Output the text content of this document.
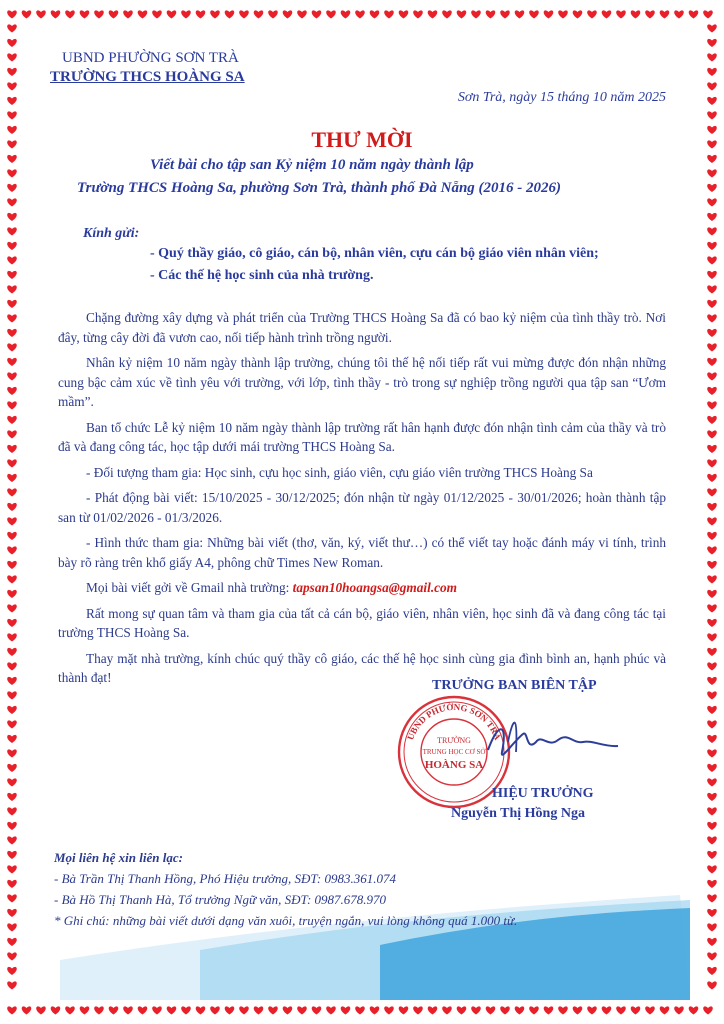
UBND PHƯỜNG SƠN TRÀ
TRƯỜNG THCS HOÀNG SA
Sơn Trà, ngày 15 tháng 10 năm 2025
THƯ MỜI
Viết bài cho tập san Kỷ niệm 10 năm ngày thành lập
Trường THCS Hoàng Sa, phường Sơn Trà, thành phố Đà Nẵng (2016 - 2026)
Kính gửi:
- Quý thầy giáo, cô giáo, cán bộ, nhân viên, cựu cán bộ giáo viên nhân viên;
- Các thế hệ học sinh của nhà trường.

Chặng đường xây dựng và phát triển của Trường THCS Hoàng Sa đã có bao kỷ niệm của tình thầy trò. Nơi đây, từng cây đời đã vươn cao, nối tiếp hành trình trồng người.

Nhân kỷ niệm 10 năm ngày thành lập trường, chúng tôi thế hệ nối tiếp rất vui mừng được đón nhận những cung bậc cảm xúc về tình yêu với trường, với lớp, tình thầy - trò trong sự nghiệp trồng người qua tập san “Ươm mầm”.

Ban tổ chức Lễ kỷ niệm 10 năm ngày thành lập trường rất hân hạnh được đón nhận tình cảm của thầy và trò đã và đang công tác, học tập dưới mái trường THCS Hoàng Sa.

- Đối tượng tham gia: Học sinh, cựu học sinh, giáo viên, cựu giáo viên trường THCS Hoàng Sa

- Phát động bài viết: 15/10/2025 - 30/12/2025; đón nhận từ ngày 01/12/2025 - 30/01/2026; hoàn thành tập san từ 01/02/2026 - 01/3/2026.

- Hình thức tham gia: Những bài viết (thơ, văn, ký, viết thư…) có thể viết tay hoặc đánh máy vi tính, trình bày rõ ràng trên khổ giấy A4, phông chữ Times New Roman.

Mọi bài viết gởi về Gmail nhà trường: tapsan10hoangsa@gmail.com

Rất mong sự quan tâm và tham gia của tất cả cán bộ, giáo viên, nhân viên, học sinh đã và đang công tác tại trường THCS Hoàng Sa.

Thay mặt nhà trường, kính chúc quý thầy cô giáo, các thế hệ học sinh cùng gia đình bình an, hạnh phúc và thành đạt!

TRƯỞNG BAN BIÊN TẬP
UBND PHƯỜNG SƠN TRÀ
TRƯỜNG
TRUNG HỌC CƠ SỞ
HOÀNG SA
HIỆU TRƯỞNG
Nguyễn Thị Hồng Nga
Mọi liên hệ xin liên lạc:
- Bà Trần Thị Thanh Hồng, Phó Hiệu trưởng, SĐT: 0983.361.074
- Bà Hồ Thị Thanh Hà, Tổ trưởng Ngữ văn, SĐT: 0987.678.970
* Ghi chú: những bài viết dưới dạng văn xuôi, truyện ngắn, vui lòng không quá 1.000 từ.
